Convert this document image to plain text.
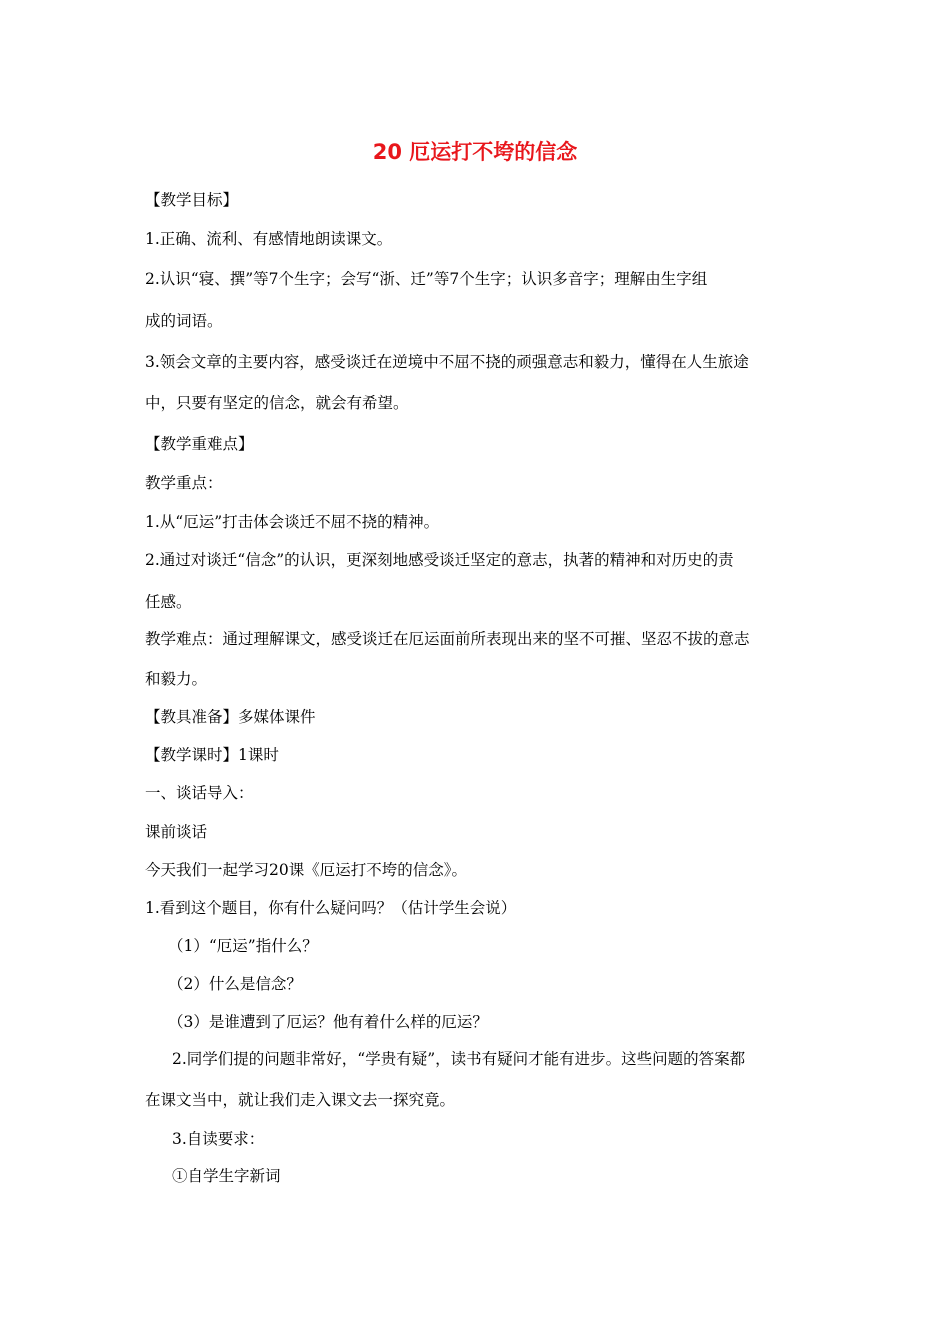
20 厄运打不垮的信念
【教学目标】
1.正确、流利、有感情地朗读课文。
2.认识“寝、撰”等7个生字；会写“浙、迁”等7个生字；认识多音字；理解由生字组
成的词语。
3.领会文章的主要内容，感受谈迁在逆境中不屈不挠的顽强意志和毅力，懂得在人生旅途
中，只要有坚定的信念，就会有希望。
【教学重难点】
教学重点：
1.从“厄运”打击体会谈迁不屈不挠的精神。
2.通过对谈迁“信念”的认识，更深刻地感受谈迁坚定的意志，执著的精神和对历史的责
任感。
教学难点：通过理解课文，感受谈迁在厄运面前所表现出来的坚不可摧、坚忍不拔的意志
和毅力。
【教具准备】多媒体课件
【教学课时】1课时
一、谈话导入：
课前谈话
今天我们一起学习20课《厄运打不垮的信念》。
1.看到这个题目，你有什么疑问吗？（估计学生会说）
（1）“厄运”指什么？
（2）什么是信念？
（3）是谁遭到了厄运？他有着什么样的厄运？
2.同学们提的问题非常好，“学贵有疑”，读书有疑问才能有进步。这些问题的答案都
在课文当中，就让我们走入课文去一探究竟。
3.自读要求：
①自学生字新词
